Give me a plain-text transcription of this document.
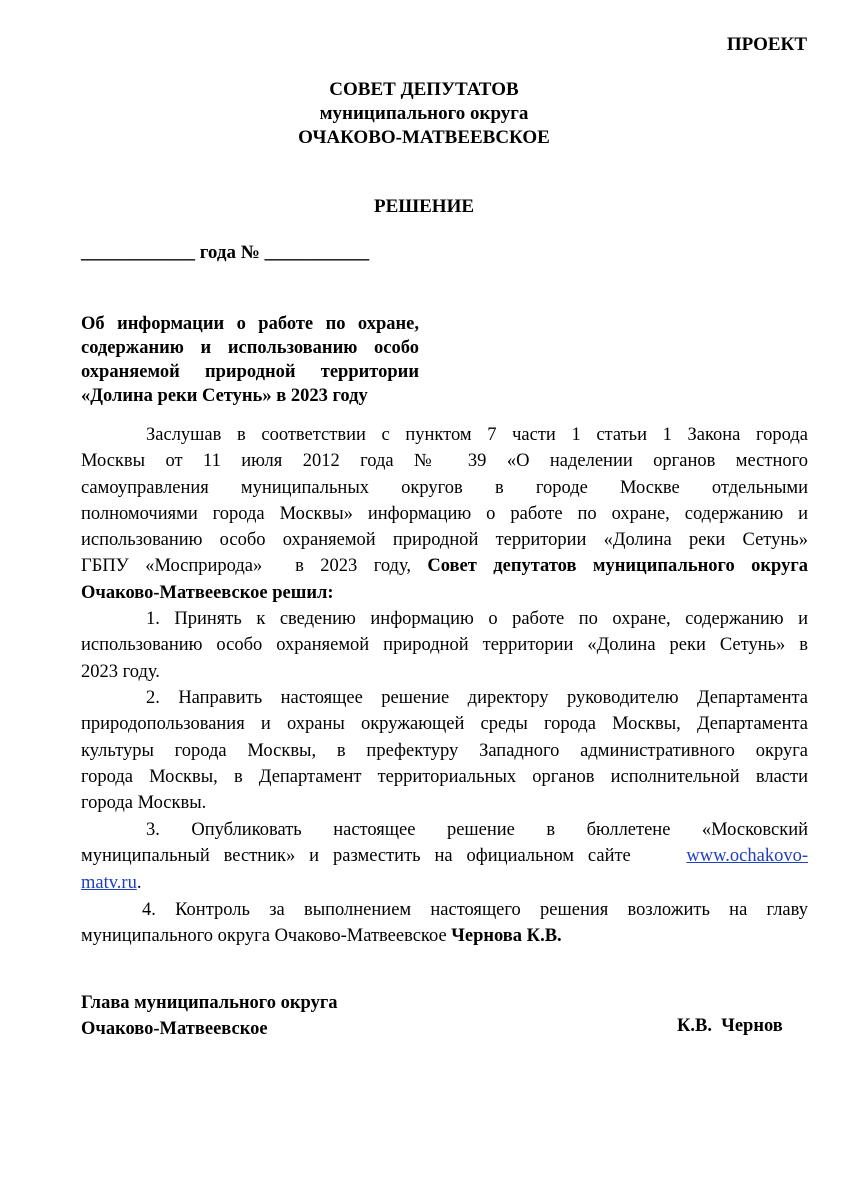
ПРОЕКТ
СОВЕТ ДЕПУТАТОВ
муниципального округа
ОЧАКОВО-МАТВЕЕВСКОЕ
РЕШЕНИЕ
____________ года № ___________
Об информации о работе по охране,
содержанию и использованию особо
охраняемой природной территории
«Долина реки Сетунь» в 2023 году
Заслушав в соответствии с пунктом 7 части 1 статьи 1 Закона города
Москвы от 11 июля 2012 года № 39 «О наделении органов местного
самоуправления муниципальных округов в городе Москве отдельными
полномочиями города Москвы» информацию о работе по охране, содержанию и
использованию особо охраняемой природной территории «Долина реки Сетунь»
ГБПУ «Мосприрода»  в 2023 году, Совет депутатов муниципального округа
Очаково-Матвеевское решил:
1. Принять к сведению информацию о работе по охране, содержанию и
использованию особо охраняемой природной территории «Долина реки Сетунь» в
2023 году.
2. Направить настоящее решение директору руководителю Департамента
природопользования и охраны окружающей среды города Москвы, Департамента
культуры города Москвы, в префектуру Западного административного округа
города Москвы, в Департамент территориальных органов исполнительной власти
города Москвы.
3. Опубликовать настоящее решение в бюллетене «Московский
муниципальный вестник» и разместить на официальном сайте    www.ochakovo-
matv.ru.
4. Контроль за выполнением настоящего решения возложить на главу
муниципального округа Очаково-Матвеевское Чернова К.В.
Глава муниципального округа
Очаково-Матвеевское	К.В.  Чернов
